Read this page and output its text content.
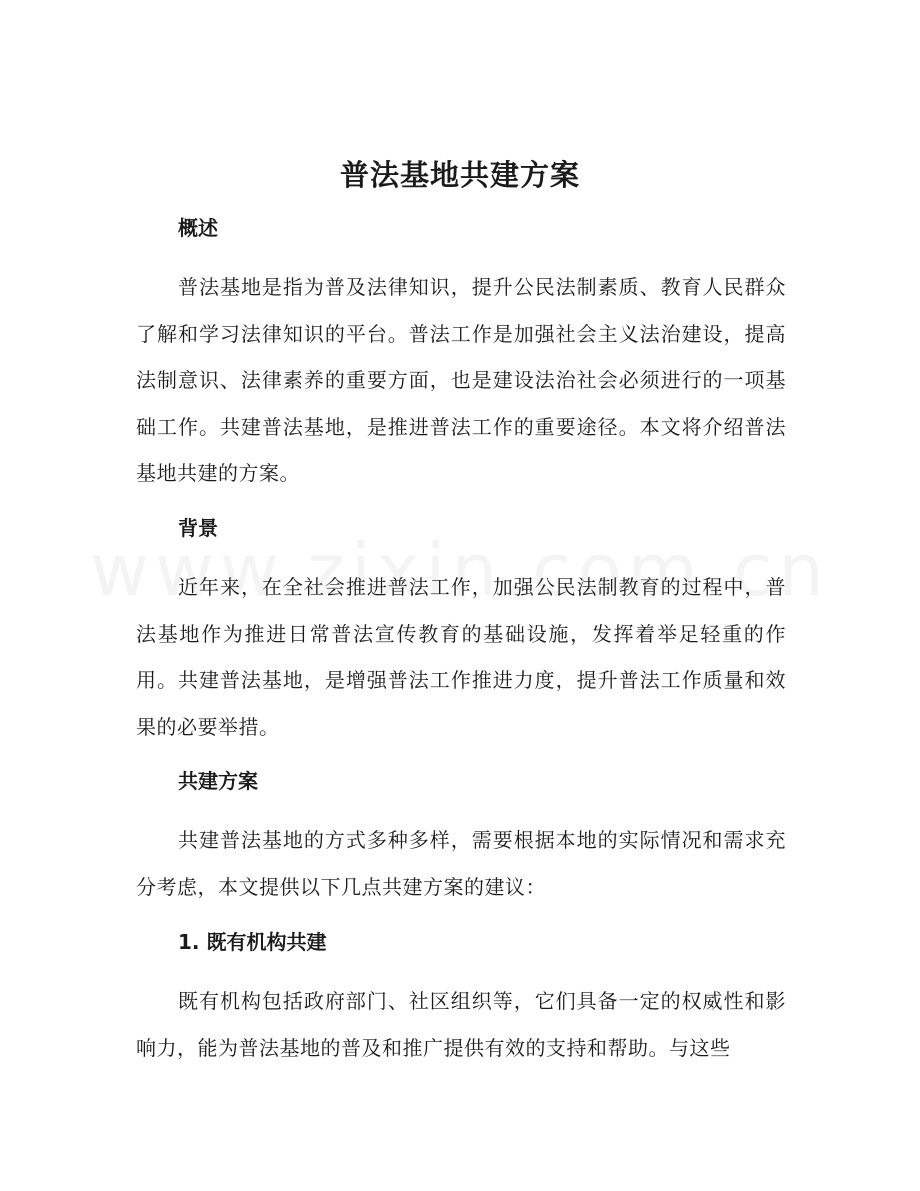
普法基地共建方案
概述
普法基地是指为普及法律知识，提升公民法制素质、教育人民群众了解和学习法律知识的平台。普法工作是加强社会主义法治建设，提高法制意识、法律素养的重要方面，也是建设法治社会必须进行的一项基础工作。共建普法基地，是推进普法工作的重要途径。本文将介绍普法基地共建的方案。
背景
近年来，在全社会推进普法工作，加强公民法制教育的过程中，普法基地作为推进日常普法宣传教育的基础设施，发挥着举足轻重的作用。共建普法基地，是增强普法工作推进力度，提升普法工作质量和效果的必要举措。
共建方案
共建普法基地的方式多种多样，需要根据本地的实际情况和需求充分考虑，本文提供以下几点共建方案的建议：
1. 既有机构共建
既有机构包括政府部门、社区组织等，它们具备一定的权威性和影响力，能为普法基地的普及和推广提供有效的支持和帮助。与这些
